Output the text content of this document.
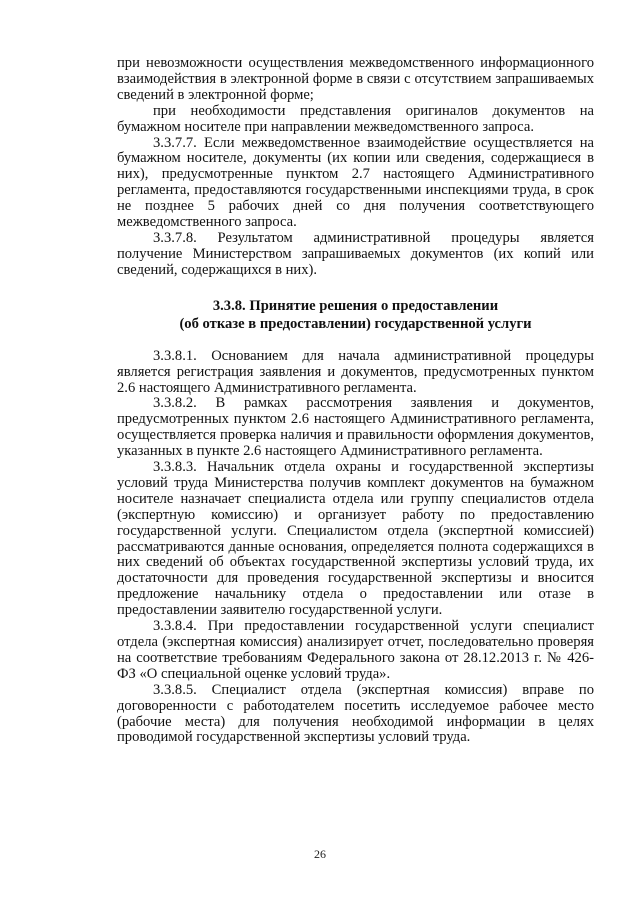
при невозможности осуществления межведомственного информационного взаимодействия в электронной форме в связи с отсутствием запрашиваемых сведений в электронной форме;

при необходимости представления оригиналов документов на бумажном носителе при направлении межведомственного запроса.

3.3.7.7. Если межведомственное взаимодействие осуществляется на бумажном носителе, документы (их копии или сведения, содержащиеся в них), предусмотренные пунктом 2.7 настоящего Административного регламента, предоставляются государственными инспекциями труда, в срок не позднее 5 рабочих дней со дня получения соответствующего межведомственного запроса.

3.3.7.8. Результатом административной процедуры является получение Министерством запрашиваемых документов (их копий или сведений, содержащихся в них).

3.3.8. Принятие решения о предоставлении
(об отказе в предоставлении) государственной услуги

3.3.8.1. Основанием для начала административной процедуры является регистрация заявления и документов, предусмотренных пунктом 2.6 настоящего Административного регламента.

3.3.8.2. В рамках рассмотрения заявления и документов, предусмотренных пунктом 2.6 настоящего Административного регламента, осуществляется проверка наличия и правильности оформления документов, указанных в пункте 2.6 настоящего Административного регламента.

3.3.8.3. Начальник отдела охраны и государственной экспертизы условий труда Министерства получив комплект документов на бумажном носителе назначает специалиста отдела или группу специалистов отдела (экспертную комиссию) и организует работу по предоставлению государственной услуги. Специалистом отдела (экспертной комиссией) рассматриваются данные основания, определяется полнота содержащихся в них сведений об объектах государственной экспертизы условий труда, их достаточности для проведения государственной экспертизы и вносится предложение начальнику отдела о предоставлении или отазе в предоставлении заявителю государственной услуги.

3.3.8.4. При предоставлении государственной услуги специалист отдела (экспертная комиссия) анализирует отчет, последовательно проверяя на соответствие требованиям Федерального закона от 28.12.2013 г. № 426-ФЗ «О специальной оценке условий труда».

3.3.8.5. Специалист отдела (экспертная комиссия) вправе по договоренности с работодателем посетить исследуемое рабочее место (рабочие места) для получения необходимой информации в целях проводимой государственной экспертизы условий труда.

26
